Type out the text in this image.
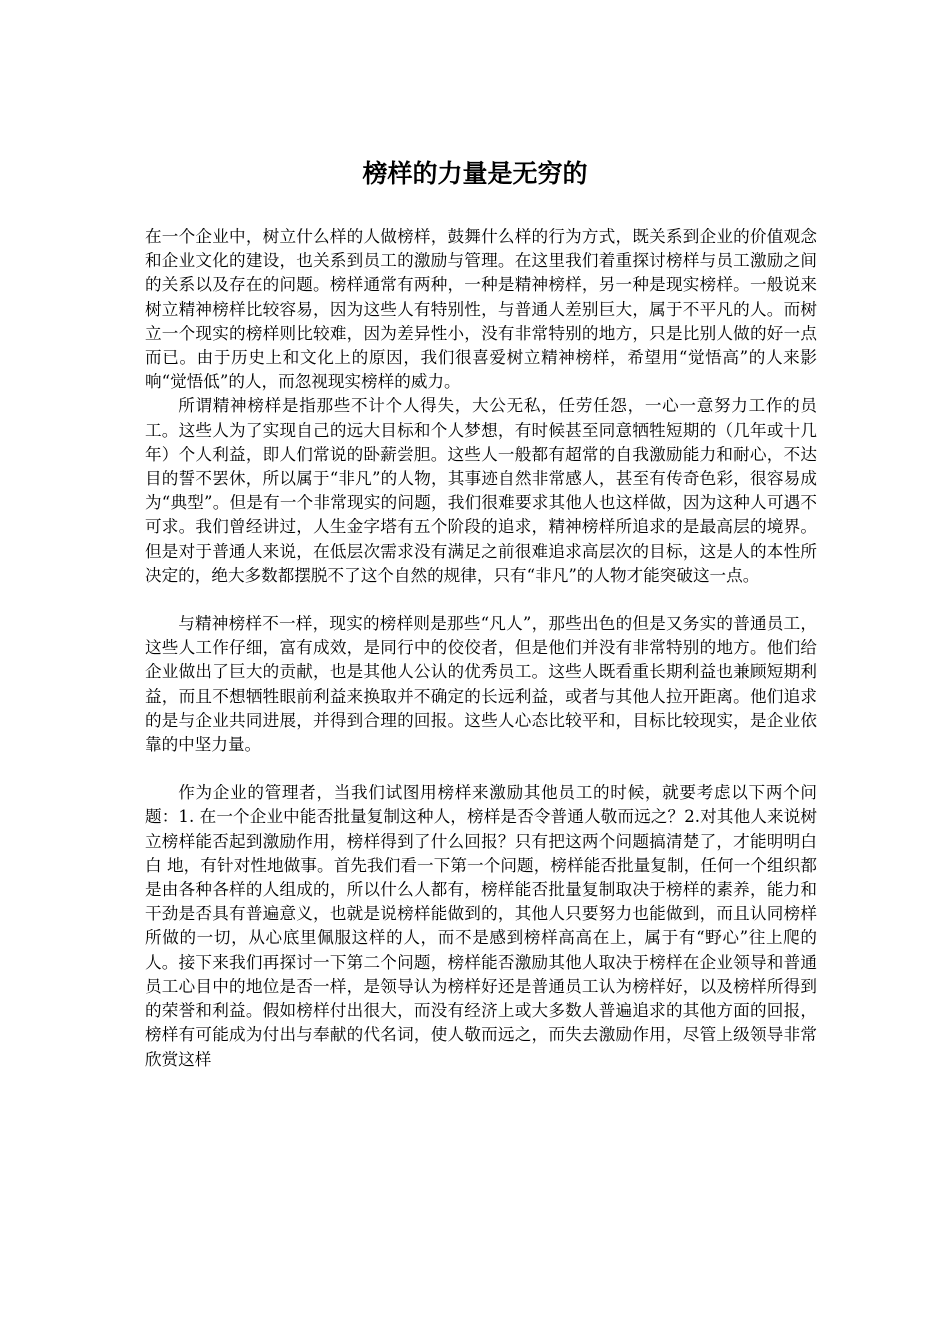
榜样的力量是无穷的

在一个企业中，树立什么样的人做榜样，鼓舞什么样的行为方式，既关系到企业的价值观念和企业文化的建设，也关系到员工的激励与管理。在这里我们着重探讨榜样与员工激励之间的关系以及存在的问题。榜样通常有两种，一种是精神榜样，另一种是现实榜样。一般说来树立精神榜样比较容易，因为这些人有特别性，与普通人差别巨大，属于不平凡的人。而树立一个现实的榜样则比较难，因为差异性小，没有非常特别的地方，只是比别人做的好一点而已。由于历史上和文化上的原因，我们很喜爱树立精神榜样，希望用“觉悟高”的人来影响“觉悟低”的人，而忽视现实榜样的威力。

所谓精神榜样是指那些不计个人得失，大公无私，任劳任怨，一心一意努力工作的员工。这些人为了实现自己的远大目标和个人梦想，有时候甚至同意牺牲短期的（几年或十几年）个人利益，即人们常说的卧薪尝胆。这些人一般都有超常的自我激励能力和耐心，不达目的誓不罢休，所以属于“非凡”的人物，其事迹自然非常感人，甚至有传奇色彩，很容易成为“典型”。但是有一个非常现实的问题，我们很难要求其他人也这样做，因为这种人可遇不可求。我们曾经讲过，人生金字塔有五个阶段的追求，精神榜样所追求的是最高层的境界。但是对于普通人来说，在低层次需求没有满足之前很难追求高层次的目标，这是人的本性所决定的，绝大多数都摆脱不了这个自然的规律，只有“非凡”的人物才能突破这一点。

与精神榜样不一样，现实的榜样则是那些“凡人”，那些出色的但是又务实的普通员工，这些人工作仔细，富有成效，是同行中的佼佼者，但是他们并没有非常特别的地方。他们给企业做出了巨大的贡献，也是其他人公认的优秀员工。这些人既看重长期利益也兼顾短期利益，而且不想牺牲眼前利益来换取并不确定的长远利益，或者与其他人拉开距离。他们追求的是与企业共同进展，并得到合理的回报。这些人心态比较平和，目标比较现实，是企业依靠的中坚力量。

作为企业的管理者，当我们试图用榜样来激励其他员工的时候，就要考虑以下两个问题：1. 在一个企业中能否批量复制这种人，榜样是否令普通人敬而远之？2.对其他人来说树立榜样能否起到激励作用，榜样得到了什么回报？只有把这两个问题搞清楚了，才能明明白白 地，有针对性地做事。首先我们看一下第一个问题，榜样能否批量复制，任何一个组织都是由各种各样的人组成的，所以什么人都有，榜样能否批量复制取决于榜样的素养，能力和干劲是否具有普遍意义，也就是说榜样能做到的，其他人只要努力也能做到，而且认同榜样所做的一切，从心底里佩服这样的人，而不是感到榜样高高在上，属于有“野心”往上爬的人。接下来我们再探讨一下第二个问题，榜样能否激励其他人取决于榜样在企业领导和普通员工心目中的地位是否一样，是领导认为榜样好还是普通员工认为榜样好，以及榜样所得到的荣誉和利益。假如榜样付出很大，而没有经济上或大多数人普遍追求的其他方面的回报，榜样有可能成为付出与奉献的代名词，使人敬而远之，而失去激励作用，尽管上级领导非常欣赏这样
